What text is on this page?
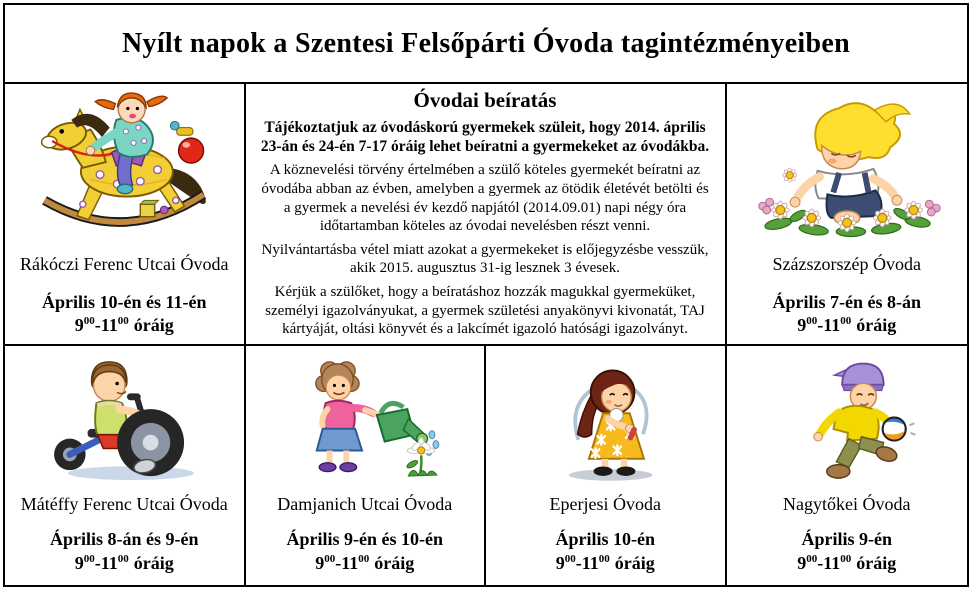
Nyílt napok a Szentesi Felsőpárti Óvoda tagintézményeiben
Rákóczi Ferenc Utcai Óvoda
Április 10-én és 11-én
$9^{00}-11^{00}$ óráig
Óvodai beíratás

Tájékoztatjuk az óvodáskorú gyermekek szüleit, hogy 2014. április 23-án és 24-én 7-17 óráig lehet beíratni a gyermekeket az óvodákba.

A köznevelési törvény értelmében a szülő köteles gyermekét beíratni az óvodába abban az évben, amelyben a gyermek az ötödik életévét betölti és a gyermek a nevelési év kezdő napjától (2014.09.01) napi négy óra időtartamban köteles az óvodai nevelésben részt venni.

Nyilvántartásba vétel miatt azokat a gyermekeket is előjegyzésbe vesszük, akik 2015. augusztus 31-ig lesznek 3 évesek.

Kérjük a szülőket, hogy a beíratáshoz hozzák magukkal gyermeküket, személyi igazolványukat, a gyermek születési anyakönyvi kivonatát, TAJ kártyáját, oltási könyvét és a lakcímét igazoló hatósági igazolványt.

Százszorszép Óvoda
Április 7-én és 8-án
$9^{00}-11^{00}$ óráig
Mátéffy Ferenc Utcai Óvoda
Április 8-án és 9-én
$9^{00}-11^{00}$ óráig
Damjanich Utcai Óvoda
Április 9-én és 10-én
$9^{00}-11^{00}$ óráig
Eperjesi Óvoda
Április 10-én
$9^{00}-11^{00}$ óráig
Nagytőkei Óvoda
Április 9-én
$9^{00}-11^{00}$ óráig
